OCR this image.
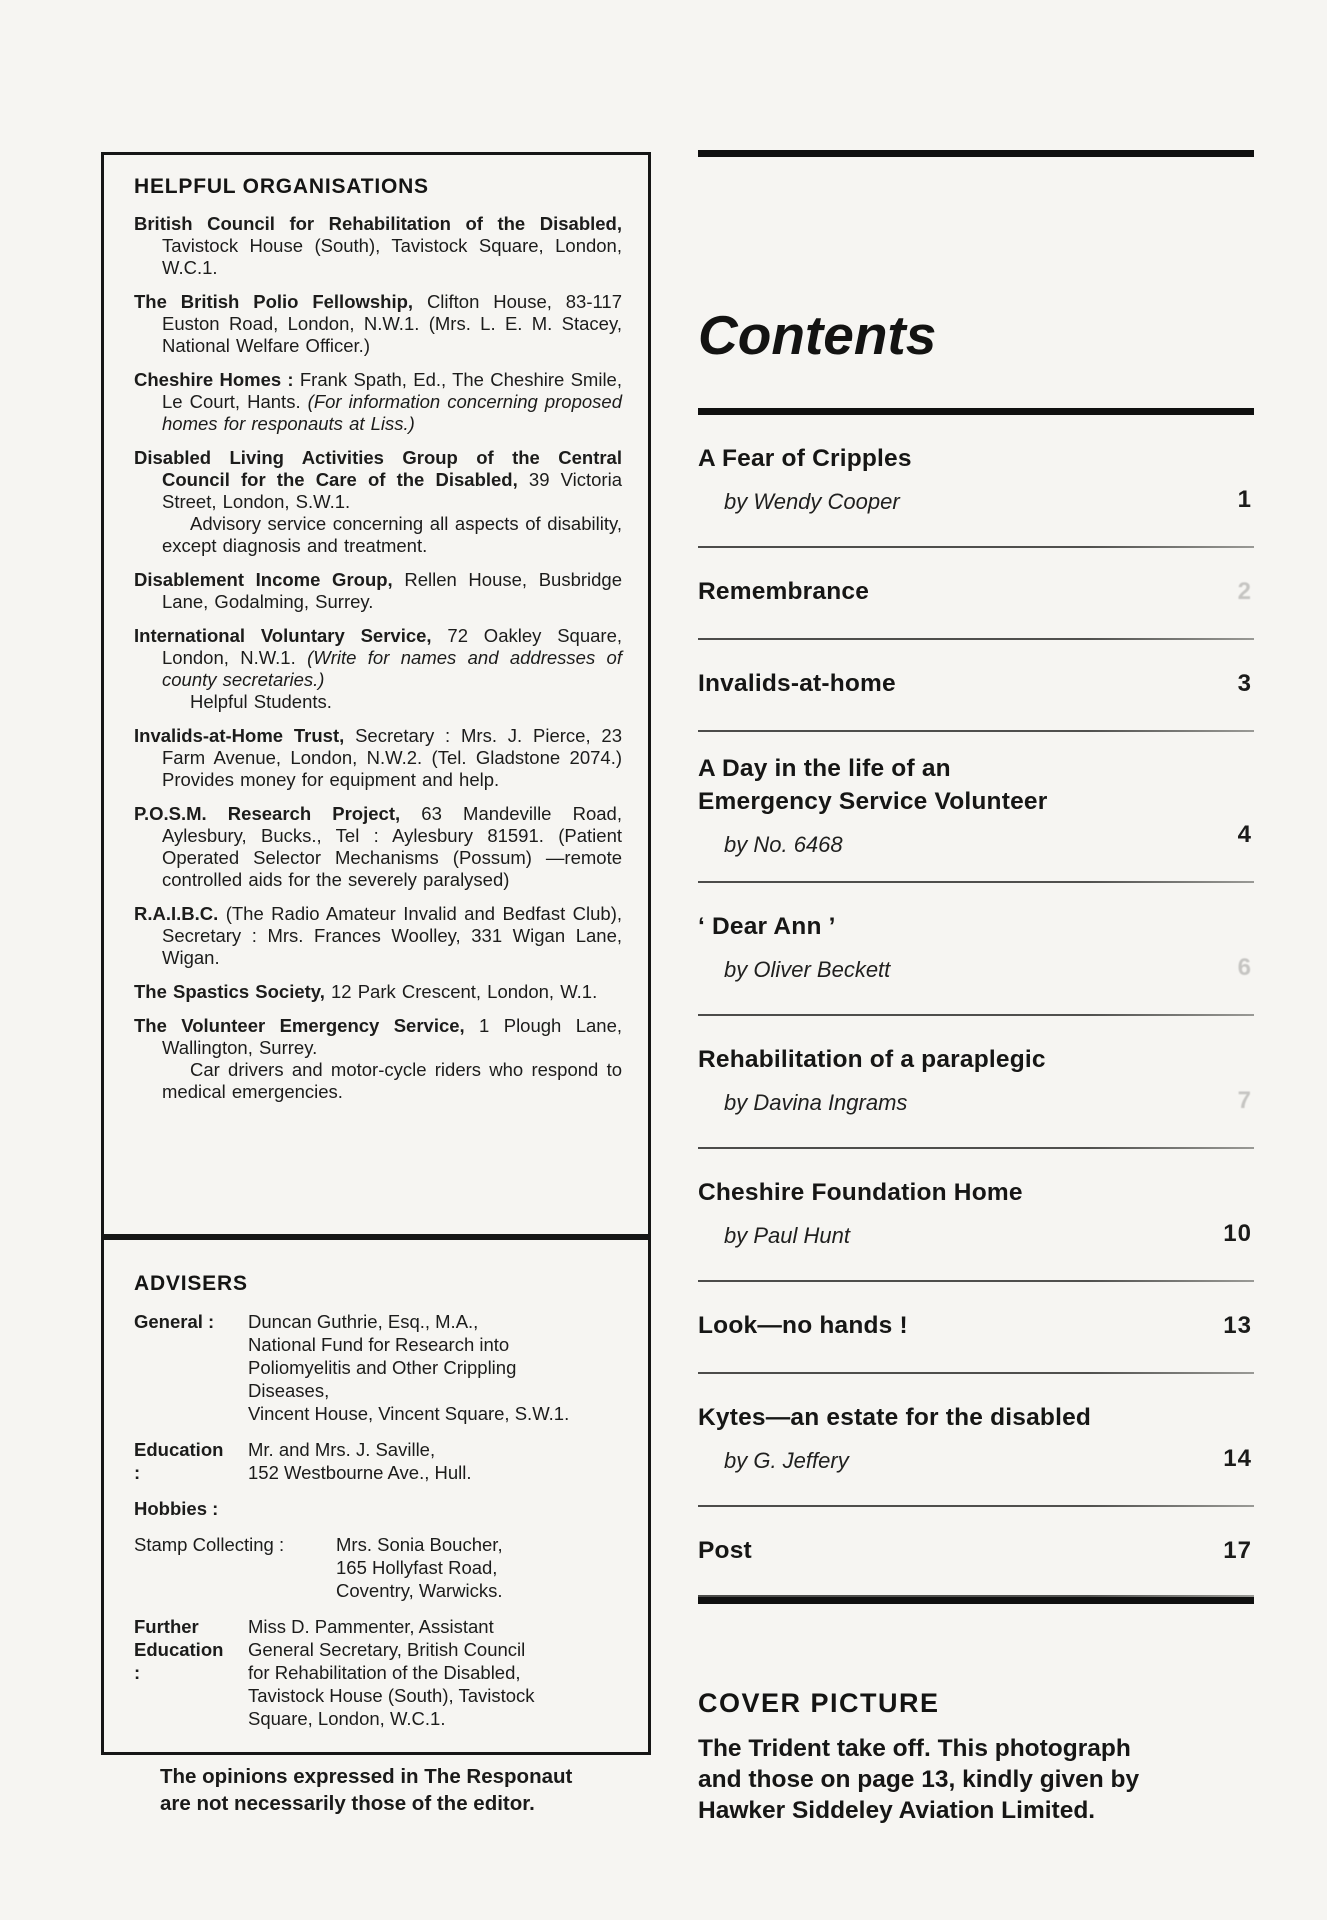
HELPFUL ORGANISATIONS
British Council for Rehabilitation of the Disabled, Tavistock House (South), Tavistock Square, London, W.C.1.
The British Polio Fellowship, Clifton House, 83-117 Euston Road, London, N.W.1. (Mrs. L. E. M. Stacey, National Welfare Officer.)
Cheshire Homes : Frank Spath, Ed., The Cheshire Smile, Le Court, Hants. (For information concerning proposed homes for responauts at Liss.)
Disabled Living Activities Group of the Central Council for the Care of the Disabled, 39 Victoria Street, London, S.W.1.
Advisory service concerning all aspects of disability, except diagnosis and treatment.
Disablement Income Group, Rellen House, Busbridge Lane, Godalming, Surrey.
International Voluntary Service, 72 Oakley Square, London, N.W.1. (Write for names and addresses of county secretaries.)
Helpful Students.
Invalids-at-Home Trust, Secretary : Mrs. J. Pierce, 23 Farm Avenue, London, N.W.2. (Tel. Gladstone 2074.) Provides money for equipment and help.
P.O.S.M. Research Project, 63 Mandeville Road, Aylesbury, Bucks., Tel : Aylesbury 81591. (Patient Operated Selector Mechanisms (Possum) —remote controlled aids for the severely paralysed)
R.A.I.B.C. (The Radio Amateur Invalid and Bedfast Club), Secretary : Mrs. Frances Woolley, 331 Wigan Lane, Wigan.
The Spastics Society, 12 Park Crescent, London, W.1.
The Volunteer Emergency Service, 1 Plough Lane, Wallington, Surrey.
Car drivers and motor-cycle riders who respond to medical emergencies.
ADVISERS
General :	Duncan Guthrie, Esq., M.A.,
National Fund for Research into
Poliomyelitis and Other Crippling
Diseases,
Vincent House, Vincent Square, S.W.1.
Education :
Mr. and Mrs. J. Saville,
152 Westbourne Ave., Hull.
Hobbies :
Stamp Collecting :	Mrs. Sonia Boucher,
165 Hollyfast Road,
Coventry, Warwicks.
Further
Education :
Miss D. Pammenter, Assistant
General Secretary, British Council
for Rehabilitation of the Disabled,
Tavistock House (South), Tavistock
Square, London, W.C.1.
The opinions expressed in The Responaut
are not necessarily those of the editor.
Contents
A Fear of Cripples
by Wendy Cooper	1
Remembrance	2
Invalids-at-home	3
A Day in the life of an
Emergency Service Volunteer
by No. 6468	4
‘ Dear Ann ’
by Oliver Beckett	6
Rehabilitation of a paraplegic
by Davina Ingrams	7
Cheshire Foundation Home
by Paul Hunt	10
Look—no hands !	13
Kytes—an estate for the disabled
by G. Jeffery	14
Post	17
COVER PICTURE
The Trident take off. This photograph
and those on page 13, kindly given by
Hawker Siddeley Aviation Limited.
